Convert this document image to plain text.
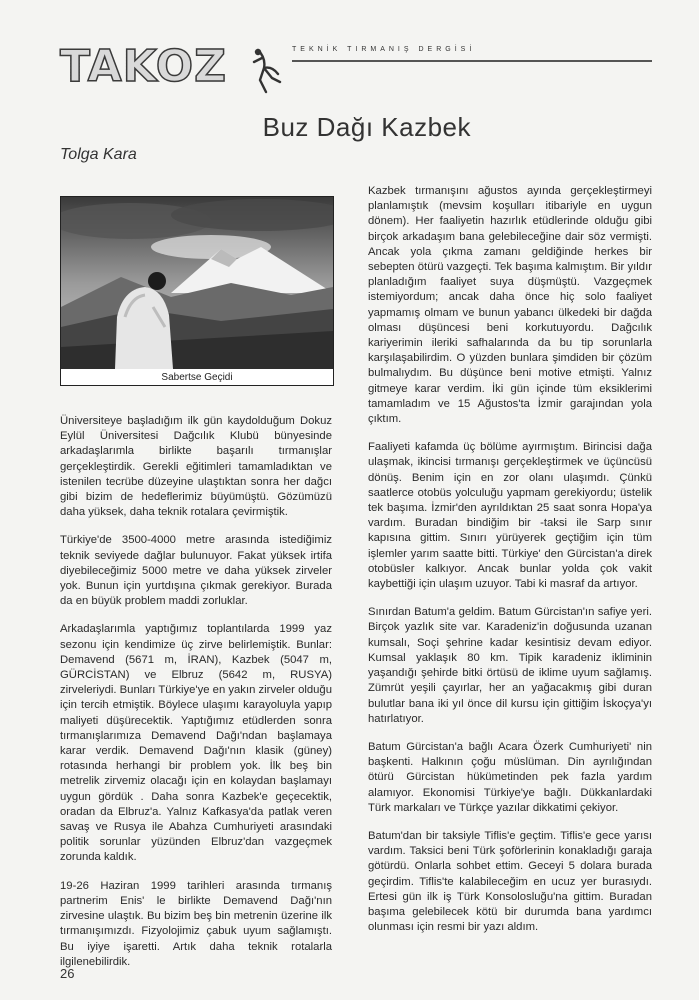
TAKOZ	TEKNİK TIRMANIŞ DERGİSİ
Buz Dağı Kazbek
Tolga Kara
Sabertse Geçidi

Üniversiteye başladığım ilk gün kaydolduğum Dokuz Eylül Üniversitesi Dağcılık Klubü bünyesinde arkadaşlarımla birlikte başarılı tırmanışlar gerçekleştirdik. Gerekli eğitimleri tamamladıktan ve istenilen tecrübe düzeyine ulaştıktan sonra her dağcı gibi bizim de hedeflerimiz büyümüştü. Gözümüzü daha yüksek, daha teknik rotalara çevirmiştik.

Türkiye'de 3500-4000 metre arasında istediğimiz teknik seviyede dağlar bulunuyor. Fakat yüksek irtifa diyebileceğimiz 5000 metre ve daha yüksek zirveler yok. Bunun için yurtdışına çıkmak gerekiyor. Burada da en büyük problem maddi zorluklar.

Arkadaşlarımla yaptığımız toplantılarda 1999 yaz sezonu için kendimize üç zirve belirlemiştik. Bunlar: Demavend (5671 m, İRAN), Kazbek (5047 m, GÜRCİSTAN) ve Elbruz (5642 m, RUSYA) zirveleriydi. Bunları Türkiye'ye en yakın zirveler olduğu için tercih etmiştik. Böylece ulaşımı karayoluyla yapıp maliyeti düşürecektik. Yaptığımız etüdlerden sonra tırmanışlarımıza Demavend Dağı'ndan başlamaya karar verdik. Demavend Dağı'nın klasik (güney) rotasında herhangi bir problem yok. İlk beş bin metrelik zirvemiz olacağı için en kolaydan başlamayı uygun gördük . Daha sonra Kazbek'e geçecektik, oradan da Elbruz'a. Yalnız Kafkasya'da patlak veren savaş ve Rusya ile Abahza Cumhuriyeti arasındaki politik sorunlar yüzünden Elbruz'dan vazgeçmek zorunda kaldık.

19-26 Haziran 1999 tarihleri arasında tırmanış partnerim Enis' le birlikte Demavend Dağı'nın zirvesine ulaştık. Bu bizim beş bin metrenin üzerine ilk tırmanışımızdı. Fizyolojimiz çabuk uyum sağlamıştı. Bu iyiye işaretti. Artık daha teknik rotalarla ilgilenebilirdik.

Kazbek tırmanışını ağustos ayında gerçekleştirmeyi planlamıştık (mevsim koşulları itibariyle en uygun dönem). Her faaliyetin hazırlık etüdlerinde olduğu gibi birçok arkadaşım bana gelebileceğine dair söz vermişti. Ancak yola çıkma zamanı geldiğinde herkes bir sebepten ötürü vazgeçti. Tek başıma kalmıştım. Bir yıldır planladığım faaliyet suya düşmüştü. Vazgeçmek istemiyordum; ancak daha önce hiç solo faaliyet yapmamış olmam ve bunun yabancı ülkedeki bir dağda olması düşüncesi beni korkutuyordu. Dağcılık kariyerimin ileriki safhalarında da bu tip sorunlarla karşılaşabilirdim. O yüzden bunlara şimdiden bir çözüm bulmalıydım. Bu düşünce beni motive etmişti. Yalnız gitmeye karar verdim. İki gün içinde tüm eksiklerimi tamamladım ve 15 Ağustos'ta İzmir garajından yola çıktım.

Faaliyeti kafamda üç bölüme ayırmıştım. Birincisi dağa ulaşmak, ikincisi tırmanışı gerçekleştirmek ve üçüncüsü dönüş. Benim için en zor olanı ulaşımdı. Çünkü saatlerce otobüs yolculuğu yapmam gerekiyordu; üstelik tek başıma. İzmir'den ayrıldıktan 25 saat sonra Hopa'ya vardım. Buradan bindiğim bir -taksi ile Sarp sınır kapısına gittim. Sınırı yürüyerek geçtiğim için tüm işlemler yarım saatte bitti. Türkiye' den Gürcistan'a direk otobüsler kalkıyor. Ancak bunlar yolda çok vakit kaybettiği için ulaşım uzuyor. Tabi ki masraf da artıyor.

Sınırdan Batum'a geldim. Batum Gürcistan'ın safiye yeri. Birçok yazlık site var. Karadeniz'in doğusunda uzanan kumsalı, Soçi şehrine kadar kesintisiz devam ediyor. Kumsal yaklaşık 80 km. Tipik karadeniz ikliminin yaşandığı şehirde bitki örtüsü de iklime uyum sağlamış. Zümrüt yeşili çayırlar, her an yağacakmış gibi duran bulutlar bana iki yıl önce dil kursu için gittiğim İskoçya'yı hatırlatıyor.

Batum Gürcistan'a bağlı Acara Özerk Cumhuriyeti' nin başkenti. Halkının çoğu müslüman. Din ayrılığından ötürü Gürcistan hükümetinden pek fazla yardım alamıyor. Ekonomisi Türkiye'ye bağlı. Dükkanlardaki Türk markaları ve Türkçe yazılar dikkatimi çekiyor.

Batum'dan bir taksiyle Tiflis'e geçtim. Tiflis'e gece yarısı vardım. Taksici beni Türk şoförlerinin konakladığı garaja götürdü. Onlarla sohbet ettim. Geceyi 5 dolara burada geçirdim. Tiflis'te kalabileceğim en ucuz yer burasıydı. Ertesi gün ilk iş Türk Konsolosluğu'na gittim. Buradan başıma gelebilecek kötü bir durumda bana yardımcı olunması için resmi bir yazı aldım.

26
